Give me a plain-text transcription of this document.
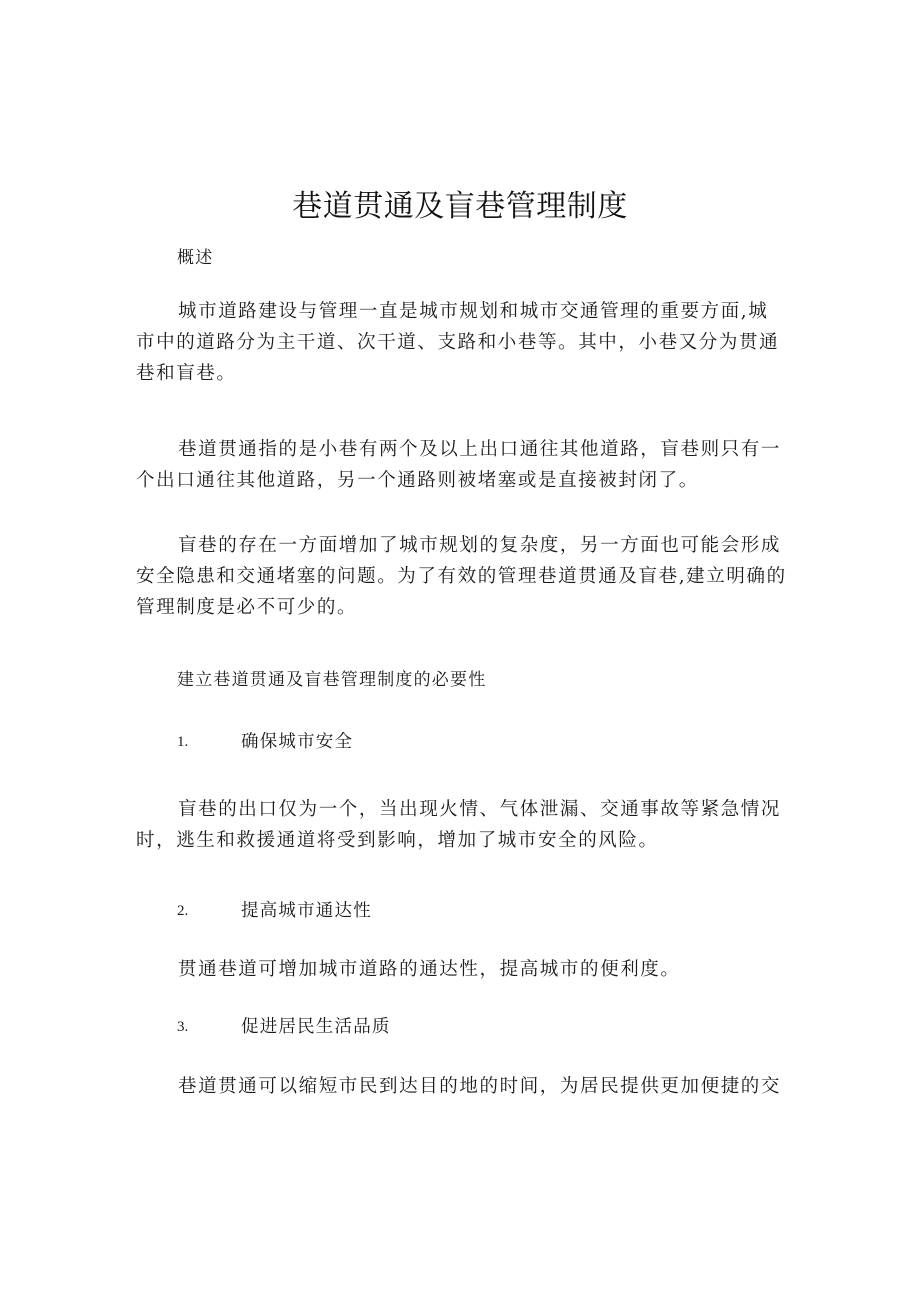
巷道贯通及盲巷管理制度
概述

城市道路建设与管理一直是城市规划和城市交通管理的重要方面,城市中的道路分为主干道、次干道、支路和小巷等。其中，小巷又分为贯通巷和盲巷。

巷道贯通指的是小巷有两个及以上出口通往其他道路，盲巷则只有一个出口通往其他道路，另一个通路则被堵塞或是直接被封闭了。

盲巷的存在一方面增加了城市规划的复杂度，另一方面也可能会形成安全隐患和交通堵塞的问题。为了有效的管理巷道贯通及盲巷,建立明确的管理制度是必不可少的。

建立巷道贯通及盲巷管理制度的必要性
1.	确保城市安全

盲巷的出口仅为一个，当出现火情、气体泄漏、交通事故等紧急情况时，逃生和救援通道将受到影响，增加了城市安全的风险。

2.	提高城市通达性

贯通巷道可增加城市道路的通达性，提高城市的便利度。

3.	促进居民生活品质

巷道贯通可以缩短市民到达目的地的时间，为居民提供更加便捷的交
